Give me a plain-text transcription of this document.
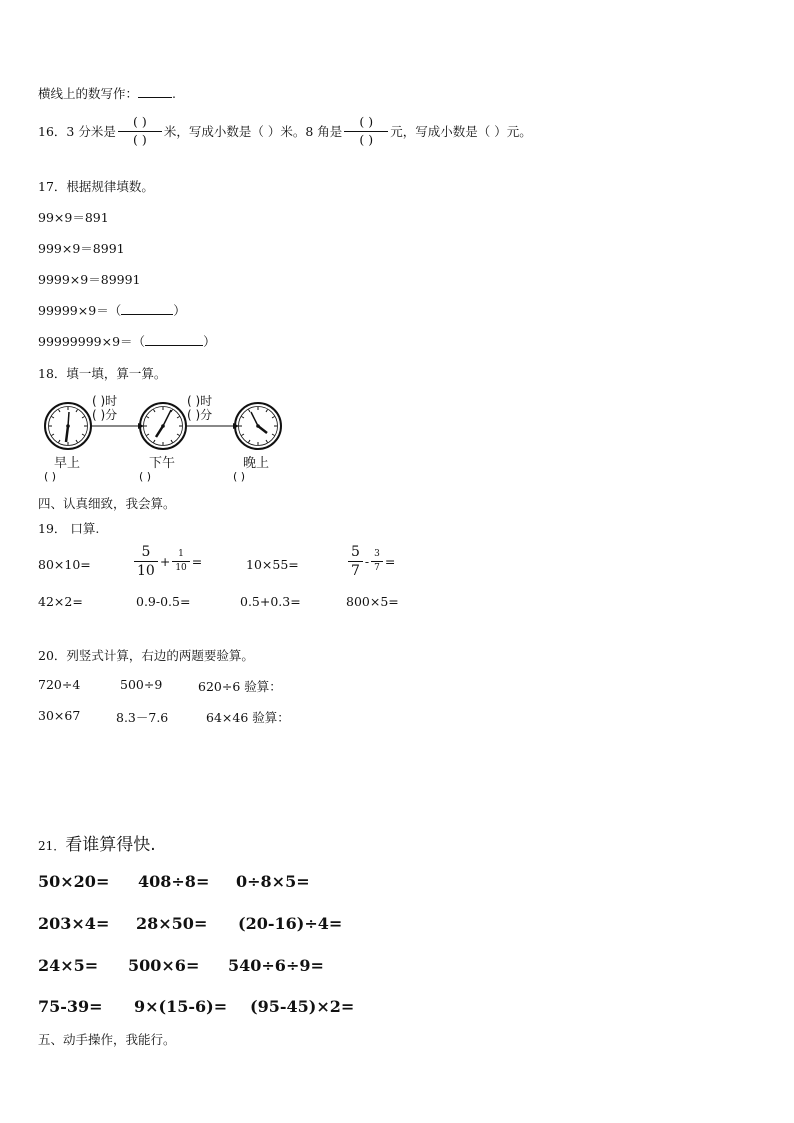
横线上的数写作：	.
16． 3 分米是 $\frac{( )}{( )}$ 米，写成小数是（ ）米。8 角是 $\frac{( )}{( )}$ 元，写成小数是（ ）元。
17．根据规律填数。
99×9＝891
999×9＝8991
9999×9＝89991
99999×9＝（	）
99999999×9＝（	）
18．填一填，算一算。
( )时
( )分
( )时
( )分
早上	下午	晚上
( )	( )	( )
四、认真细致，我会算。
19． 口算.
80×10=	$\frac{5}{10} + \frac{1}{10}$ =	10×55=	$\frac{5}{7} - \frac{3}{7}$ =
42×2=	0.9-0.5=	0.5+0.3=	800×5=
20．列竖式计算，右边的两题要验算。
720÷4	500÷9	620÷6 验算：
30×67	8.3－7.6	64×46 验算：
21． 看谁算得快.
50×20= 408÷8= 0÷8×5=
203×4= 28×50= (20-16)÷4=
24×5= 500×6= 540÷6÷9=
75-39= 9×(15-6)= (95-45)×2=
五、动手操作，我能行。
